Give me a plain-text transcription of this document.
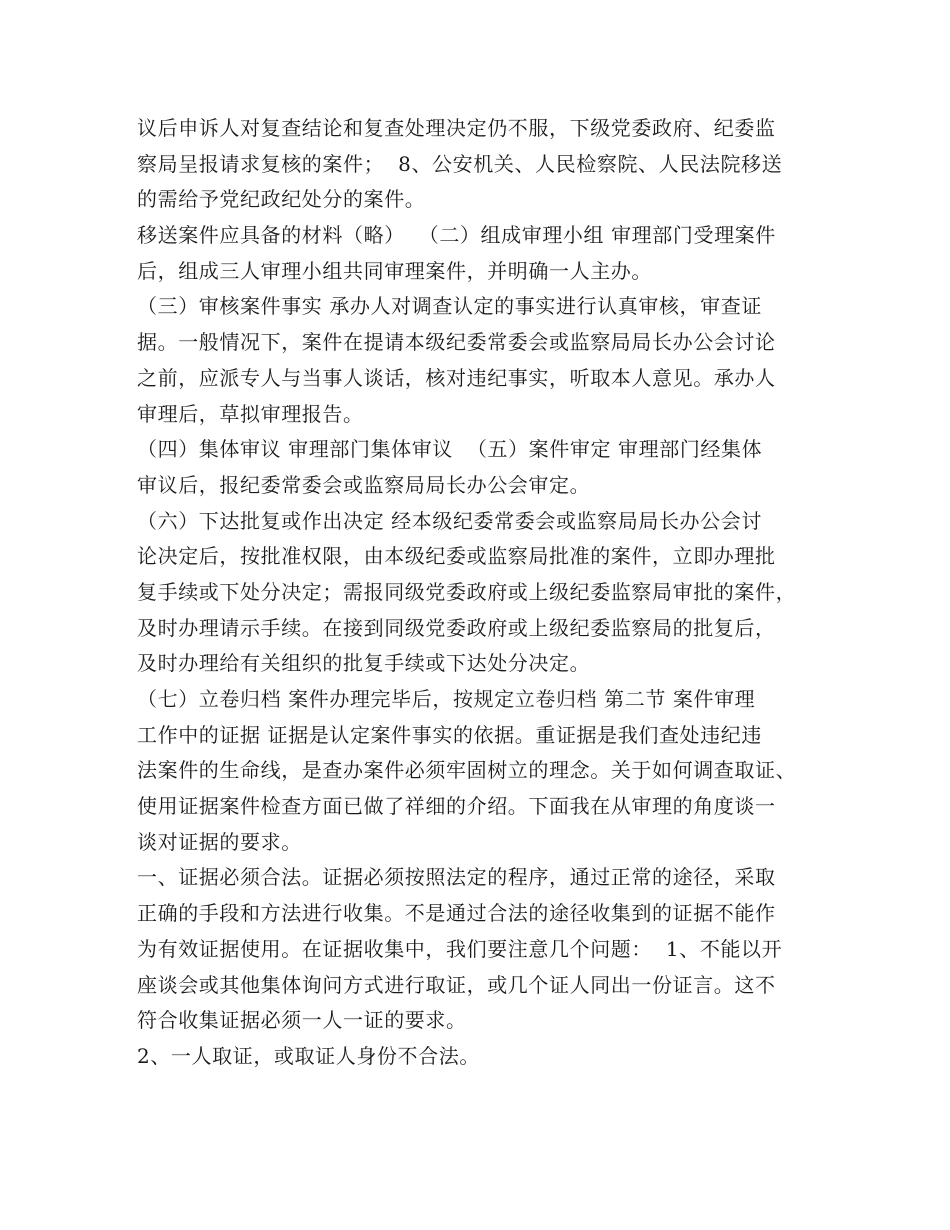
议后申诉人对复查结论和复查处理决定仍不服，下级党委政府、纪委监
察局呈报请求复核的案件；  8、公安机关、人民检察院、人民法院移送
的需给予党纪政纪处分的案件。
移送案件应具备的材料（略）  （二）组成审理小组 审理部门受理案件
后，组成三人审理小组共同审理案件，并明确一人主办。
（三）审核案件事实 承办人对调查认定的事实进行认真审核，审查证
据。一般情况下，案件在提请本级纪委常委会或监察局局长办公会讨论
之前，应派专人与当事人谈话，核对违纪事实，听取本人意见。承办人
审理后，草拟审理报告。
（四）集体审议 审理部门集体审议  （五）案件审定 审理部门经集体
审议后，报纪委常委会或监察局局长办公会审定。
（六）下达批复或作出决定 经本级纪委常委会或监察局局长办公会讨
论决定后，按批准权限，由本级纪委或监察局批准的案件，立即办理批
复手续或下处分决定；需报同级党委政府或上级纪委监察局审批的案件，
及时办理请示手续。在接到同级党委政府或上级纪委监察局的批复后，
及时办理给有关组织的批复手续或下达处分决定。
（七）立卷归档 案件办理完毕后，按规定立卷归档 第二节 案件审理
工作中的证据 证据是认定案件事实的依据。重证据是我们查处违纪违
法案件的生命线，是查办案件必须牢固树立的理念。关于如何调查取证、
使用证据案件检查方面已做了祥细的介绍。下面我在从审理的角度谈一
谈对证据的要求。
一、证据必须合法。证据必须按照法定的程序，通过正常的途径，采取
正确的手段和方法进行收集。不是通过合法的途径收集到的证据不能作
为有效证据使用。在证据收集中，我们要注意几个问题：  1、不能以开
座谈会或其他集体询问方式进行取证，或几个证人同出一份证言。这不
符合收集证据必须一人一证的要求。
2、一人取证，或取证人身份不合法。
